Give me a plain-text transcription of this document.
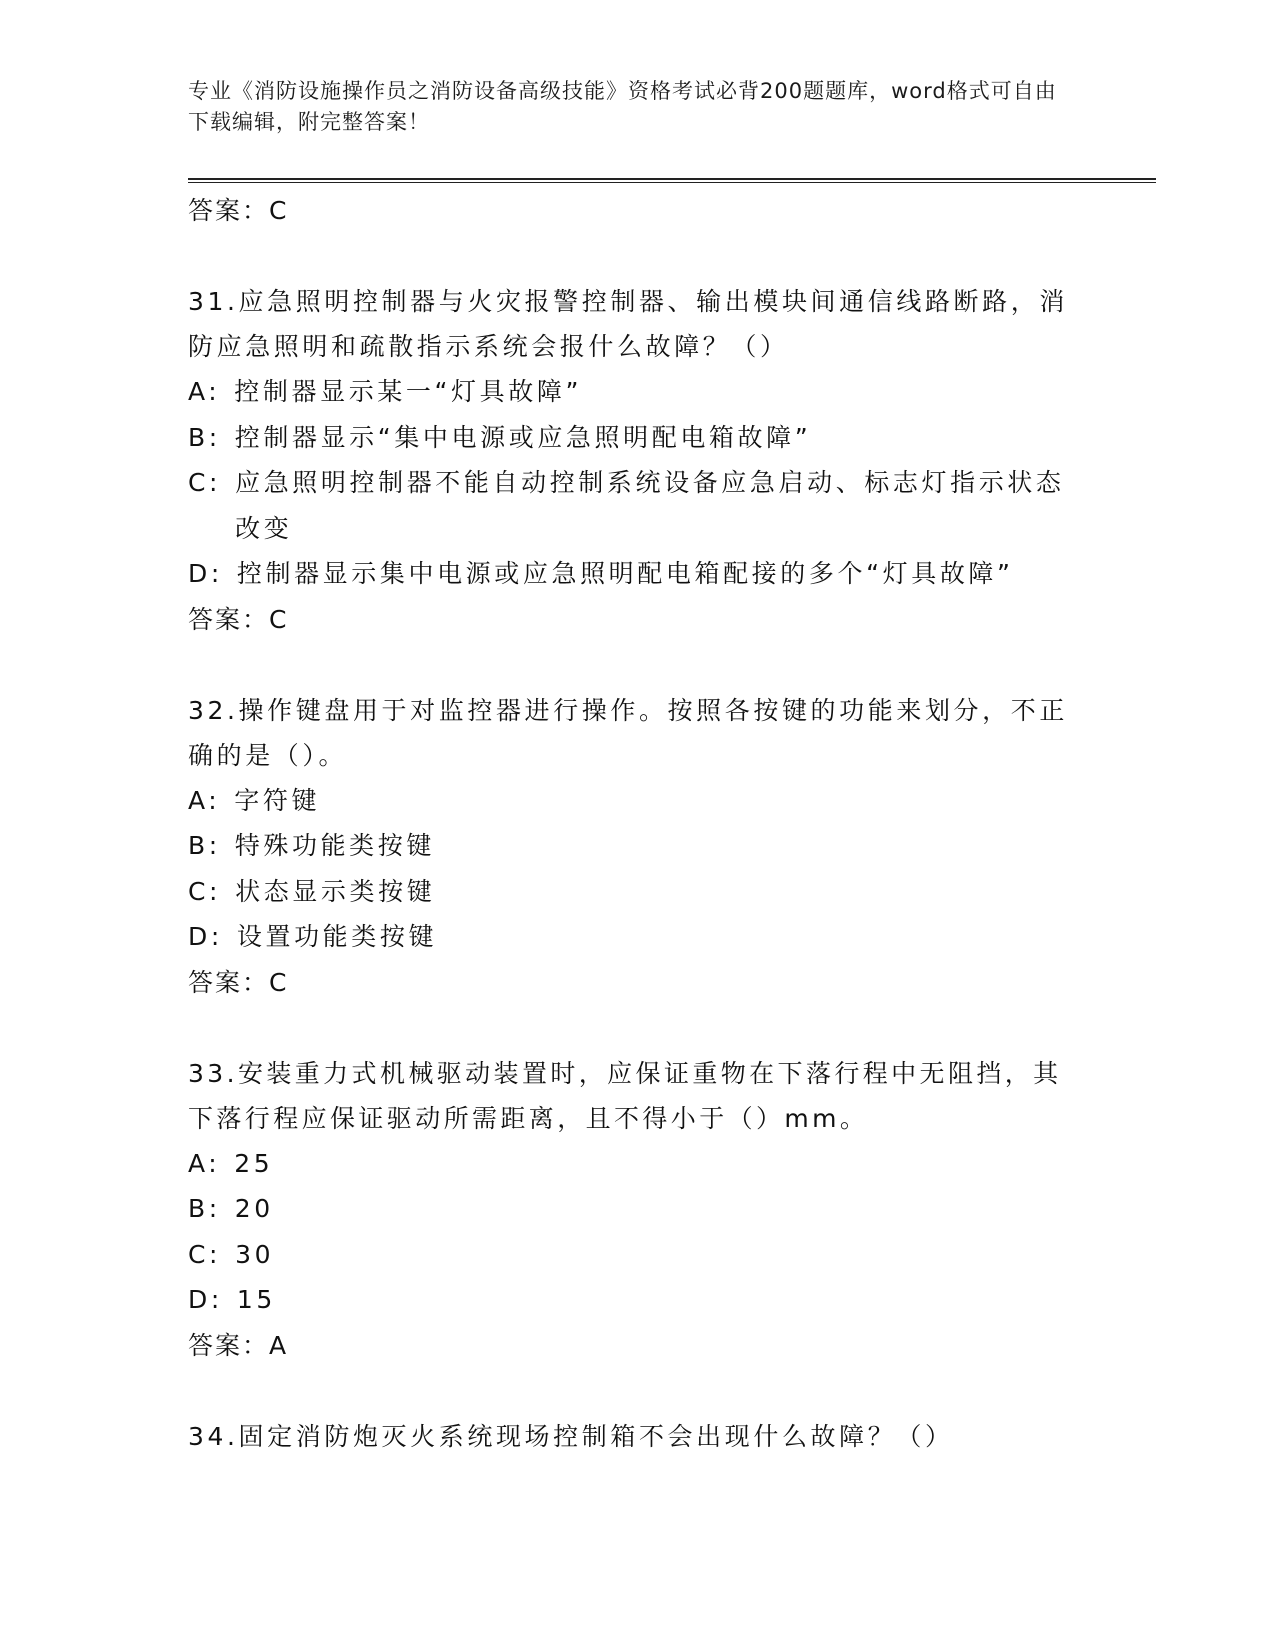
专业《消防设施操作员之消防设备高级技能》资格考试必背200题题库，word格式可自由下载编辑，附完整答案！
答案：C
31.应急照明控制器与火灾报警控制器、输出模块间通信线路断路，消防应急照明和疏散指示系统会报什么故障？（）
A: 控制器显示某一“灯具故障”
B: 控制器显示“集中电源或应急照明配电箱故障”
C: 应急照明控制器不能自动控制系统设备应急启动、标志灯指示状态改变
D: 控制器显示集中电源或应急照明配电箱配接的多个“灯具故障”
答案：C
32.操作键盘用于对监控器进行操作。按照各按键的功能来划分，不正确的是（）。
A: 字符键
B: 特殊功能类按键
C: 状态显示类按键
D: 设置功能类按键
答案：C
33.安装重力式机械驱动装置时，应保证重物在下落行程中无阻挡，其下落行程应保证驱动所需距离，且不得小于（）mm。
A: 25
B: 20
C: 30
D: 15
答案：A
34.固定消防炮灭火系统现场控制箱不会出现什么故障？（）
